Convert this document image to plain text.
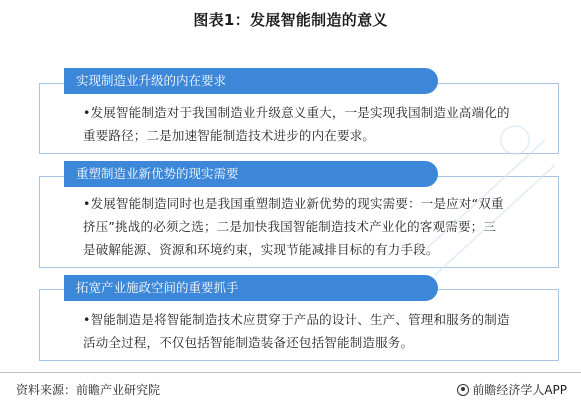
图表1：发展智能制造的意义
实现制造业升级的内在要求
•发展智能制造对于我国制造业升级意义重大，一是实现我国制造业高端化的
重要路径；二是加速智能制造技术进步的内在要求。
重塑制造业新优势的现实需要
•发展智能制造同时也是我国重塑制造业新优势的现实需要：一是应对“双重
挤压”挑战的必须之选；二是加快我国智能制造技术产业化的客观需要；三
是破解能源、资源和环境约束，实现节能减排目标的有力手段。
拓宽产业施政空间的重要抓手
•智能制造是将智能制造技术应贯穿于产品的设计、生产、管理和服务的制造
活动全过程，不仅包括智能制造装备还包括智能制造服务。
资料来源：前瞻产业研究院	前瞻经济学人APP
